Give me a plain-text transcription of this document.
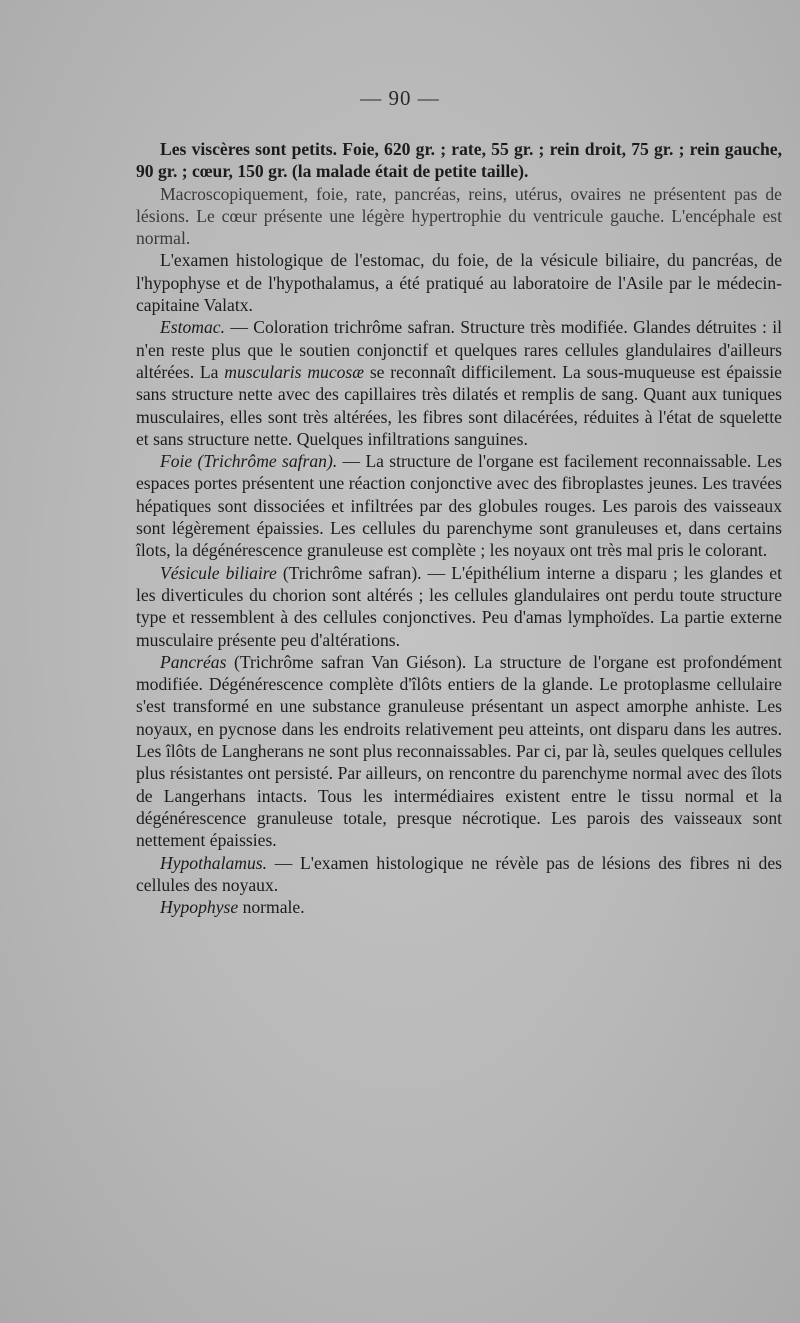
— 90 —

Les viscères sont petits. Foie, 620 gr. ; rate, 55 gr. ; rein droit, 75 gr. ; rein gauche, 90 gr. ; cœur, 150 gr. (la malade était de petite taille).

Macroscopiquement, foie, rate, pancréas, reins, utérus, ovaires ne présentent pas de lésions. Le cœur présente une légère hypertrophie du ventricule gauche. L'encéphale est normal.

L'examen histologique de l'estomac, du foie, de la vésicule biliaire, du pancréas, de l'hypophyse et de l'hypothalamus, a été pratiqué au laboratoire de l'Asile par le médecin-capitaine Valatx.

Estomac. — Coloration trichrôme safran. Structure très modifiée. Glandes détruites : il n'en reste plus que le soutien conjonctif et quelques rares cellules glandulaires d'ailleurs altérées. La muscularis mucosæ se reconnaît difficilement. La sous-muqueuse est épaissie sans structure nette avec des capillaires très dilatés et remplis de sang. Quant aux tuniques musculaires, elles sont très altérées, les fibres sont dilacérées, réduites à l'état de squelette et sans structure nette. Quelques infiltrations sanguines.

Foie (Trichrôme safran). — La structure de l'organe est facilement reconnaissable. Les espaces portes présentent une réaction conjonctive avec des fibroplastes jeunes. Les travées hépatiques sont dissociées et infiltrées par des globules rouges. Les parois des vaisseaux sont légèrement épaissies. Les cellules du parenchyme sont granuleuses et, dans certains îlots, la dégénérescence granuleuse est complète ; les noyaux ont très mal pris le colorant.

Vésicule biliaire (Trichrôme safran). — L'épithélium interne a disparu ; les glandes et les diverticules du chorion sont altérés ; les cellules glandulaires ont perdu toute structure type et ressemblent à des cellules conjonctives. Peu d'amas lymphoïdes. La partie externe musculaire présente peu d'altérations.

Pancréas (Trichrôme safran Van Giéson). La structure de l'organe est profondément modifiée. Dégénérescence complète d'îlôts entiers de la glande. Le protoplasme cellulaire s'est transformé en une substance granuleuse présentant un aspect amorphe anhiste. Les noyaux, en pycnose dans les endroits relativement peu atteints, ont disparu dans les autres. Les îlôts de Langherans ne sont plus reconnaissables. Par ci, par là, seules quelques cellules plus résistantes ont persisté. Par ailleurs, on rencontre du parenchyme normal avec des îlots de Langerhans intacts. Tous les intermédiaires existent entre le tissu normal et la dégénérescence granuleuse totale, presque nécrotique. Les parois des vaisseaux sont nettement épaissies.

Hypothalamus. — L'examen histologique ne révèle pas de lésions des fibres ni des cellules des noyaux.

Hypophyse normale.
